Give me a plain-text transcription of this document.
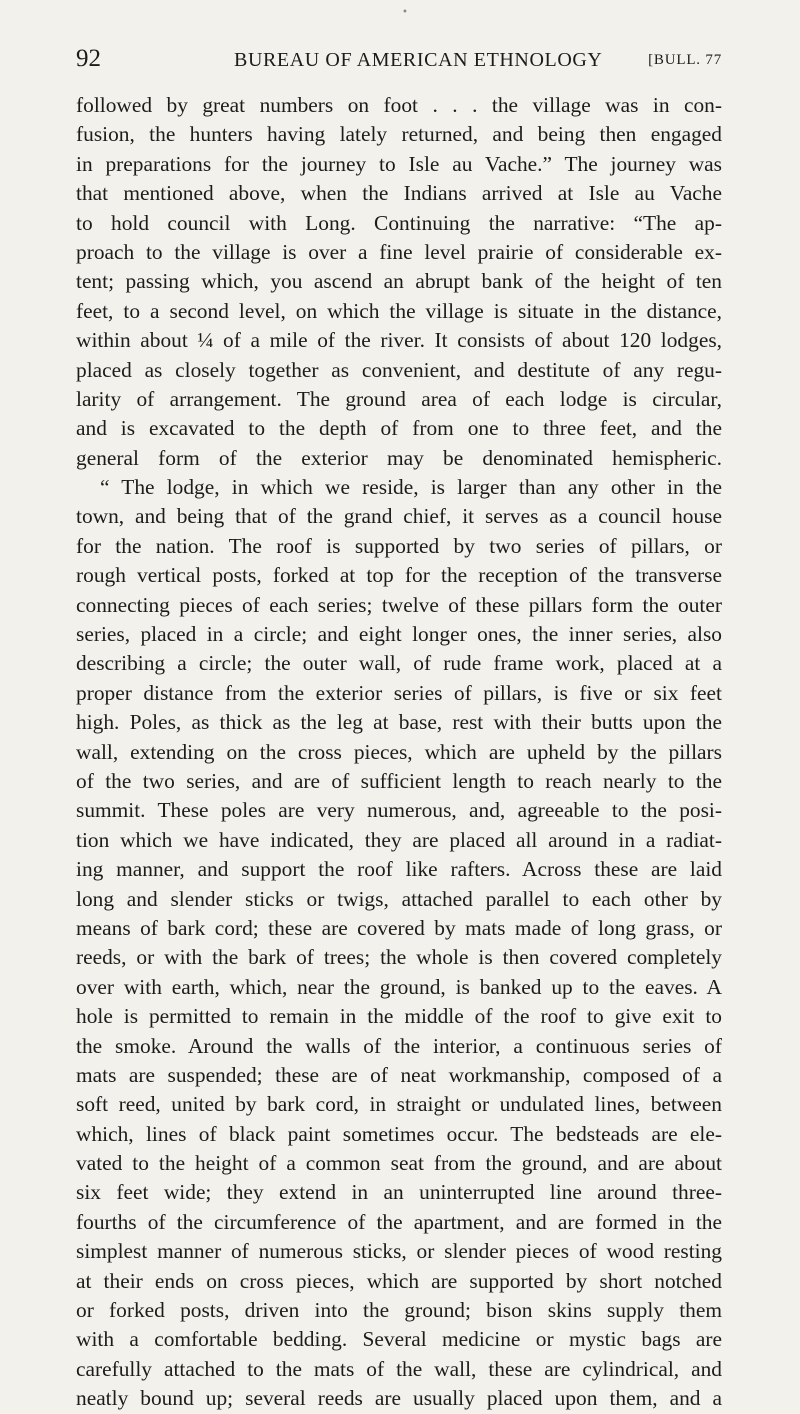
•
92	BUREAU OF AMERICAN ETHNOLOGY	[BULL. 77
followed by great numbers on foot . . . the village was in con-
fusion, the hunters having lately returned, and being then engaged
in preparations for the journey to Isle au Vache.” The journey was
that mentioned above, when the Indians arrived at Isle au Vache
to hold council with Long. Continuing the narrative: “The ap-
proach to the village is over a fine level prairie of considerable ex-
tent; passing which, you ascend an abrupt bank of the height of ten
feet, to a second level, on which the village is situate in the distance,
within about ¼ of a mile of the river. It consists of about 120 lodges,
placed as closely together as convenient, and destitute of any regu-
larity of arrangement. The ground area of each lodge is circular,
and is excavated to the depth of from one to three feet, and the
general form of the exterior may be denominated hemispheric.
“ The lodge, in which we reside, is larger than any other in the
town, and being that of the grand chief, it serves as a council house
for the nation. The roof is supported by two series of pillars, or
rough vertical posts, forked at top for the reception of the transverse
connecting pieces of each series; twelve of these pillars form the outer
series, placed in a circle; and eight longer ones, the inner series, also
describing a circle; the outer wall, of rude frame work, placed at a
proper distance from the exterior series of pillars, is five or six feet
high. Poles, as thick as the leg at base, rest with their butts upon the
wall, extending on the cross pieces, which are upheld by the pillars
of the two series, and are of sufficient length to reach nearly to the
summit. These poles are very numerous, and, agreeable to the posi-
tion which we have indicated, they are placed all around in a radiat-
ing manner, and support the roof like rafters. Across these are laid
long and slender sticks or twigs, attached parallel to each other by
means of bark cord; these are covered by mats made of long grass, or
reeds, or with the bark of trees; the whole is then covered completely
over with earth, which, near the ground, is banked up to the eaves. A
hole is permitted to remain in the middle of the roof to give exit to
the smoke. Around the walls of the interior, a continuous series of
mats are suspended; these are of neat workmanship, composed of a
soft reed, united by bark cord, in straight or undulated lines, between
which, lines of black paint sometimes occur. The bedsteads are ele-
vated to the height of a common seat from the ground, and are about
six feet wide; they extend in an uninterrupted line around three-
fourths of the circumference of the apartment, and are formed in the
simplest manner of numerous sticks, or slender pieces of wood resting
at their ends on cross pieces, which are supported by short notched
or forked posts, driven into the ground; bison skins supply them
with a comfortable bedding. Several medicine or mystic bags are
carefully attached to the mats of the wall, these are cylindrical, and
neatly bound up; several reeds are usually placed upon them, and a
